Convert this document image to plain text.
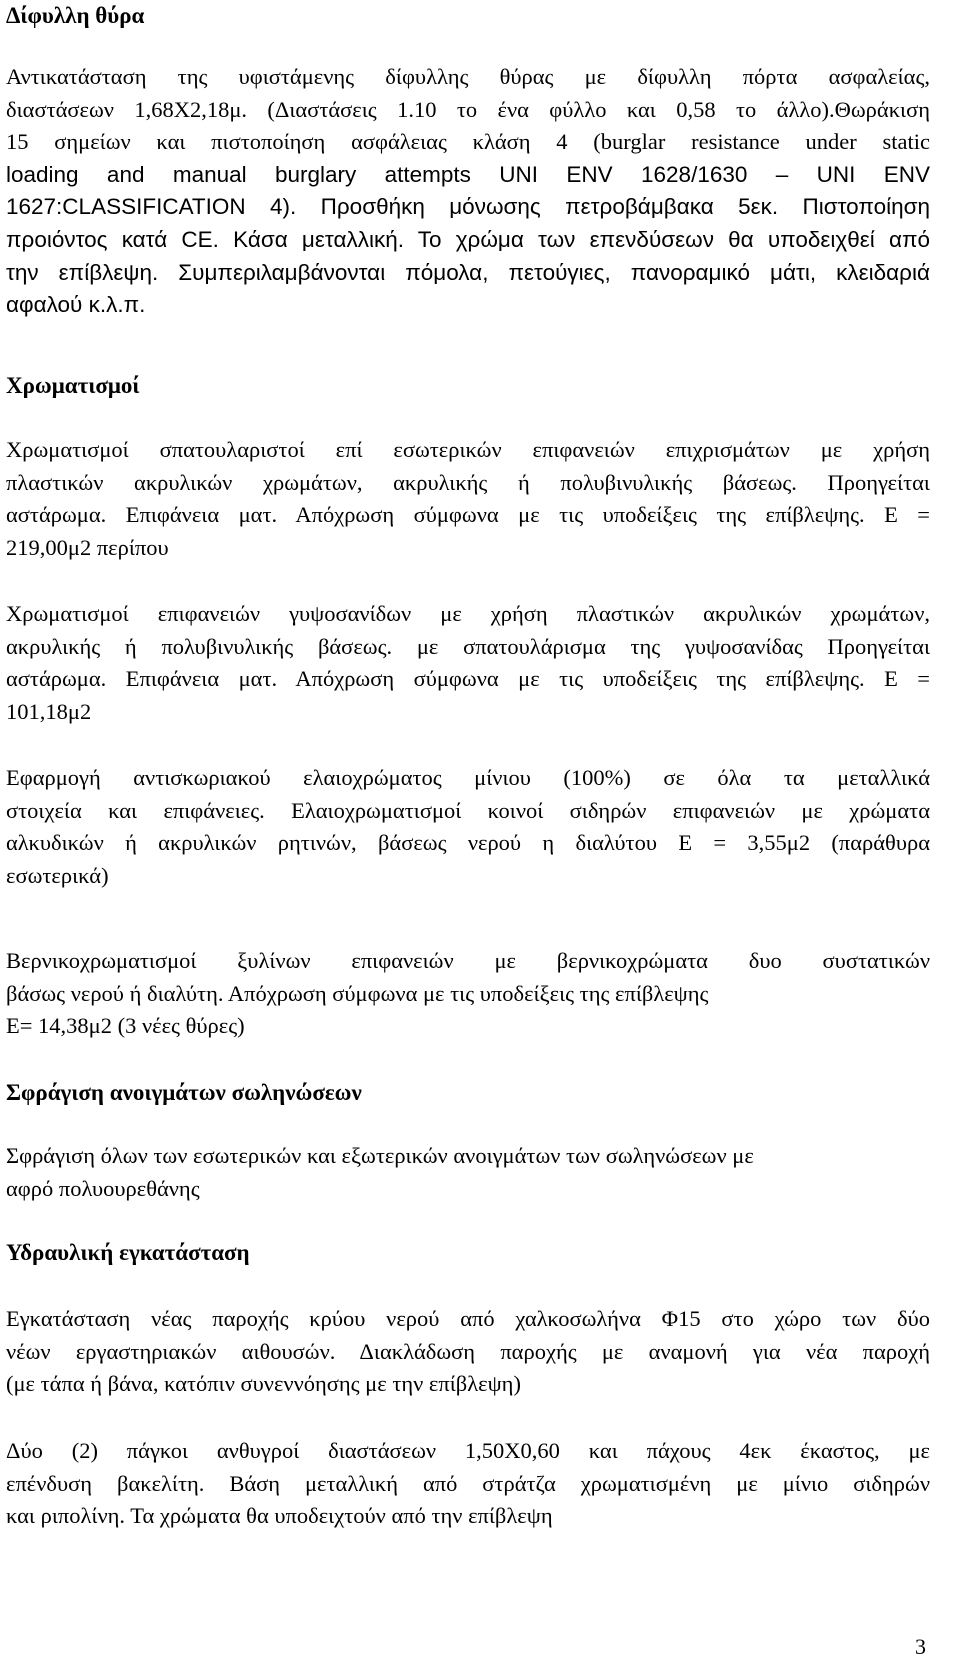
Δίφυλλη θύρα
Αντικατάσταση της υφιστάμενης δίφυλλης θύρας με δίφυλλη πόρτα ασφαλείας,
διαστάσεων 1,68Χ2,18μ. (Διαστάσεις 1.10 το ένα φύλλο και 0,58 το άλλο).Θωράκιση
15 σημείων και πιστοποίηση ασφάλειας κλάση 4 (burglar resistance under static
loading and manual burglary attempts UNI ENV 1628/1630 – UNI ENV
1627:CLASSIFICATION 4). Προσθήκη μόνωσης πετροβάμβακα 5εκ. Πιστοποίηση
προιόντος κατά CE. Κάσα μεταλλική. Το χρώμα των επενδύσεων θα υποδειχθεί από
την επίβλεψη. Συμπεριλαμβάνονται πόμολα, πετούγιες, πανοραμικό μάτι, κλειδαριά
αφαλού κ.λ.π.
Χρωματισμοί
Χρωματισμοί σπατουλαριστοί επί εσωτερικών επιφανειών επιχρισμάτων με χρήση
πλαστικών ακρυλικών χρωμάτων, ακρυλικής ή πολυβινυλικής βάσεως. Προηγείται
αστάρωμα. Επιφάνεια ματ. Απόχρωση σύμφωνα με τις υποδείξεις της επίβλεψης. Ε =
219,00μ2 περίπου
Χρωματισμοί επιφανειών γυψοσανίδων με χρήση πλαστικών ακρυλικών χρωμάτων,
ακρυλικής ή πολυβινυλικής βάσεως. με σπατουλάρισμα της γυψοσανίδας Προηγείται
αστάρωμα. Επιφάνεια ματ. Απόχρωση σύμφωνα με τις υποδείξεις της επίβλεψης. Ε =
101,18μ2
Εφαρμογή αντισκωριακού ελαιοχρώματος μίνιου (100%) σε όλα τα μεταλλικά
στοιχεία και επιφάνειες. Ελαιοχρωματισμοί κοινοί σιδηρών επιφανειών με χρώματα
αλκυδικών ή ακρυλικών ρητινών, βάσεως νερού η διαλύτου Ε = 3,55μ2 (παράθυρα
εσωτερικά)
Βερνικοχρωματισμοί ξυλίνων επιφανειών με βερνικοχρώματα δυο συστατικών
βάσως νερού ή διαλύτη. Απόχρωση σύμφωνα με τις υποδείξεις της επίβλεψης
Ε= 14,38μ2 (3 νέες θύρες)
Σφράγιση ανοιγμάτων σωληνώσεων
Σφράγιση όλων των εσωτερικών και εξωτερικών ανοιγμάτων των σωληνώσεων με
αφρό πολυουρεθάνης
Υδραυλική εγκατάσταση
Εγκατάσταση νέας παροχής κρύου νερού από χαλκοσωλήνα Φ15 στο χώρο των δύο
νέων εργαστηριακών αιθουσών. Διακλάδωση παροχής με αναμονή για νέα παροχή
(με τάπα ή βάνα, κατόπιν συνεννόησης με την επίβλεψη)
Δύο (2) πάγκοι ανθυγροί διαστάσεων 1,50Χ0,60 και πάχους 4εκ έκαστος, με
επένδυση βακελίτη. Βάση μεταλλική από στράτζα χρωματισμένη με μίνιο σιδηρών
και ριπολίνη. Τα χρώματα θα υποδειχτούν από την επίβλεψη
3
